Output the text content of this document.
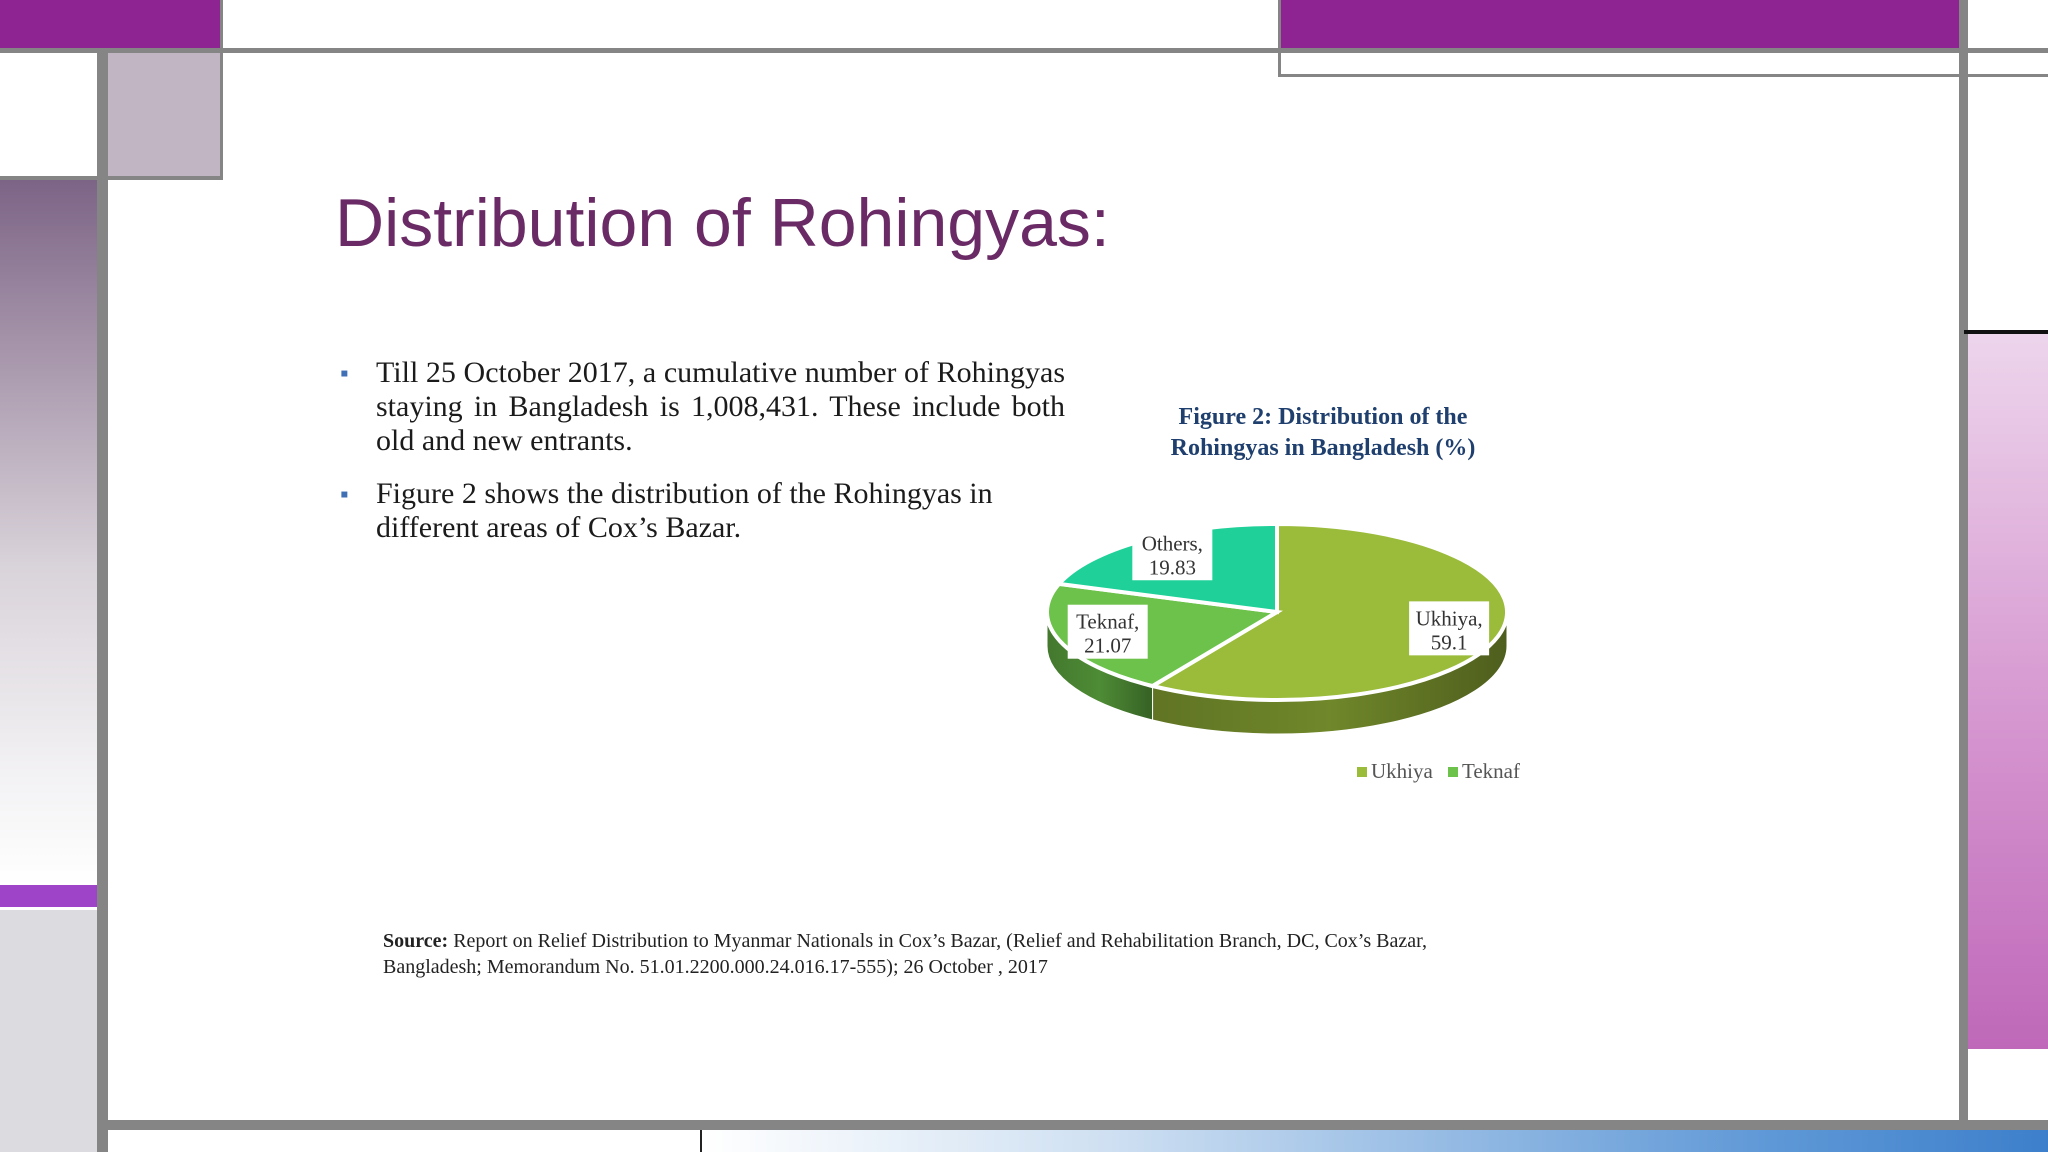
Distribution of Rohingyas:
▪ Till 25 October 2017, a cumulative number of Rohingyas staying in Bangladesh is 1,008,431. These include both old and new entrants.
▪ Figure 2 shows the distribution of the Rohingyas in different areas of Cox’s Bazar.
Figure 2: Distribution of the
Rohingyas in Bangladesh (%)
Ukhiya,
59.1
Teknaf,
21.07
Others,
19.83
Ukhiya Teknaf
Source: Report on Relief Distribution to Myanmar Nationals in Cox’s Bazar, (Relief and Rehabilitation Branch, DC, Cox’s Bazar, Bangladesh; Memorandum No. 51.01.2200.000.24.016.17-555); 26 October , 2017
